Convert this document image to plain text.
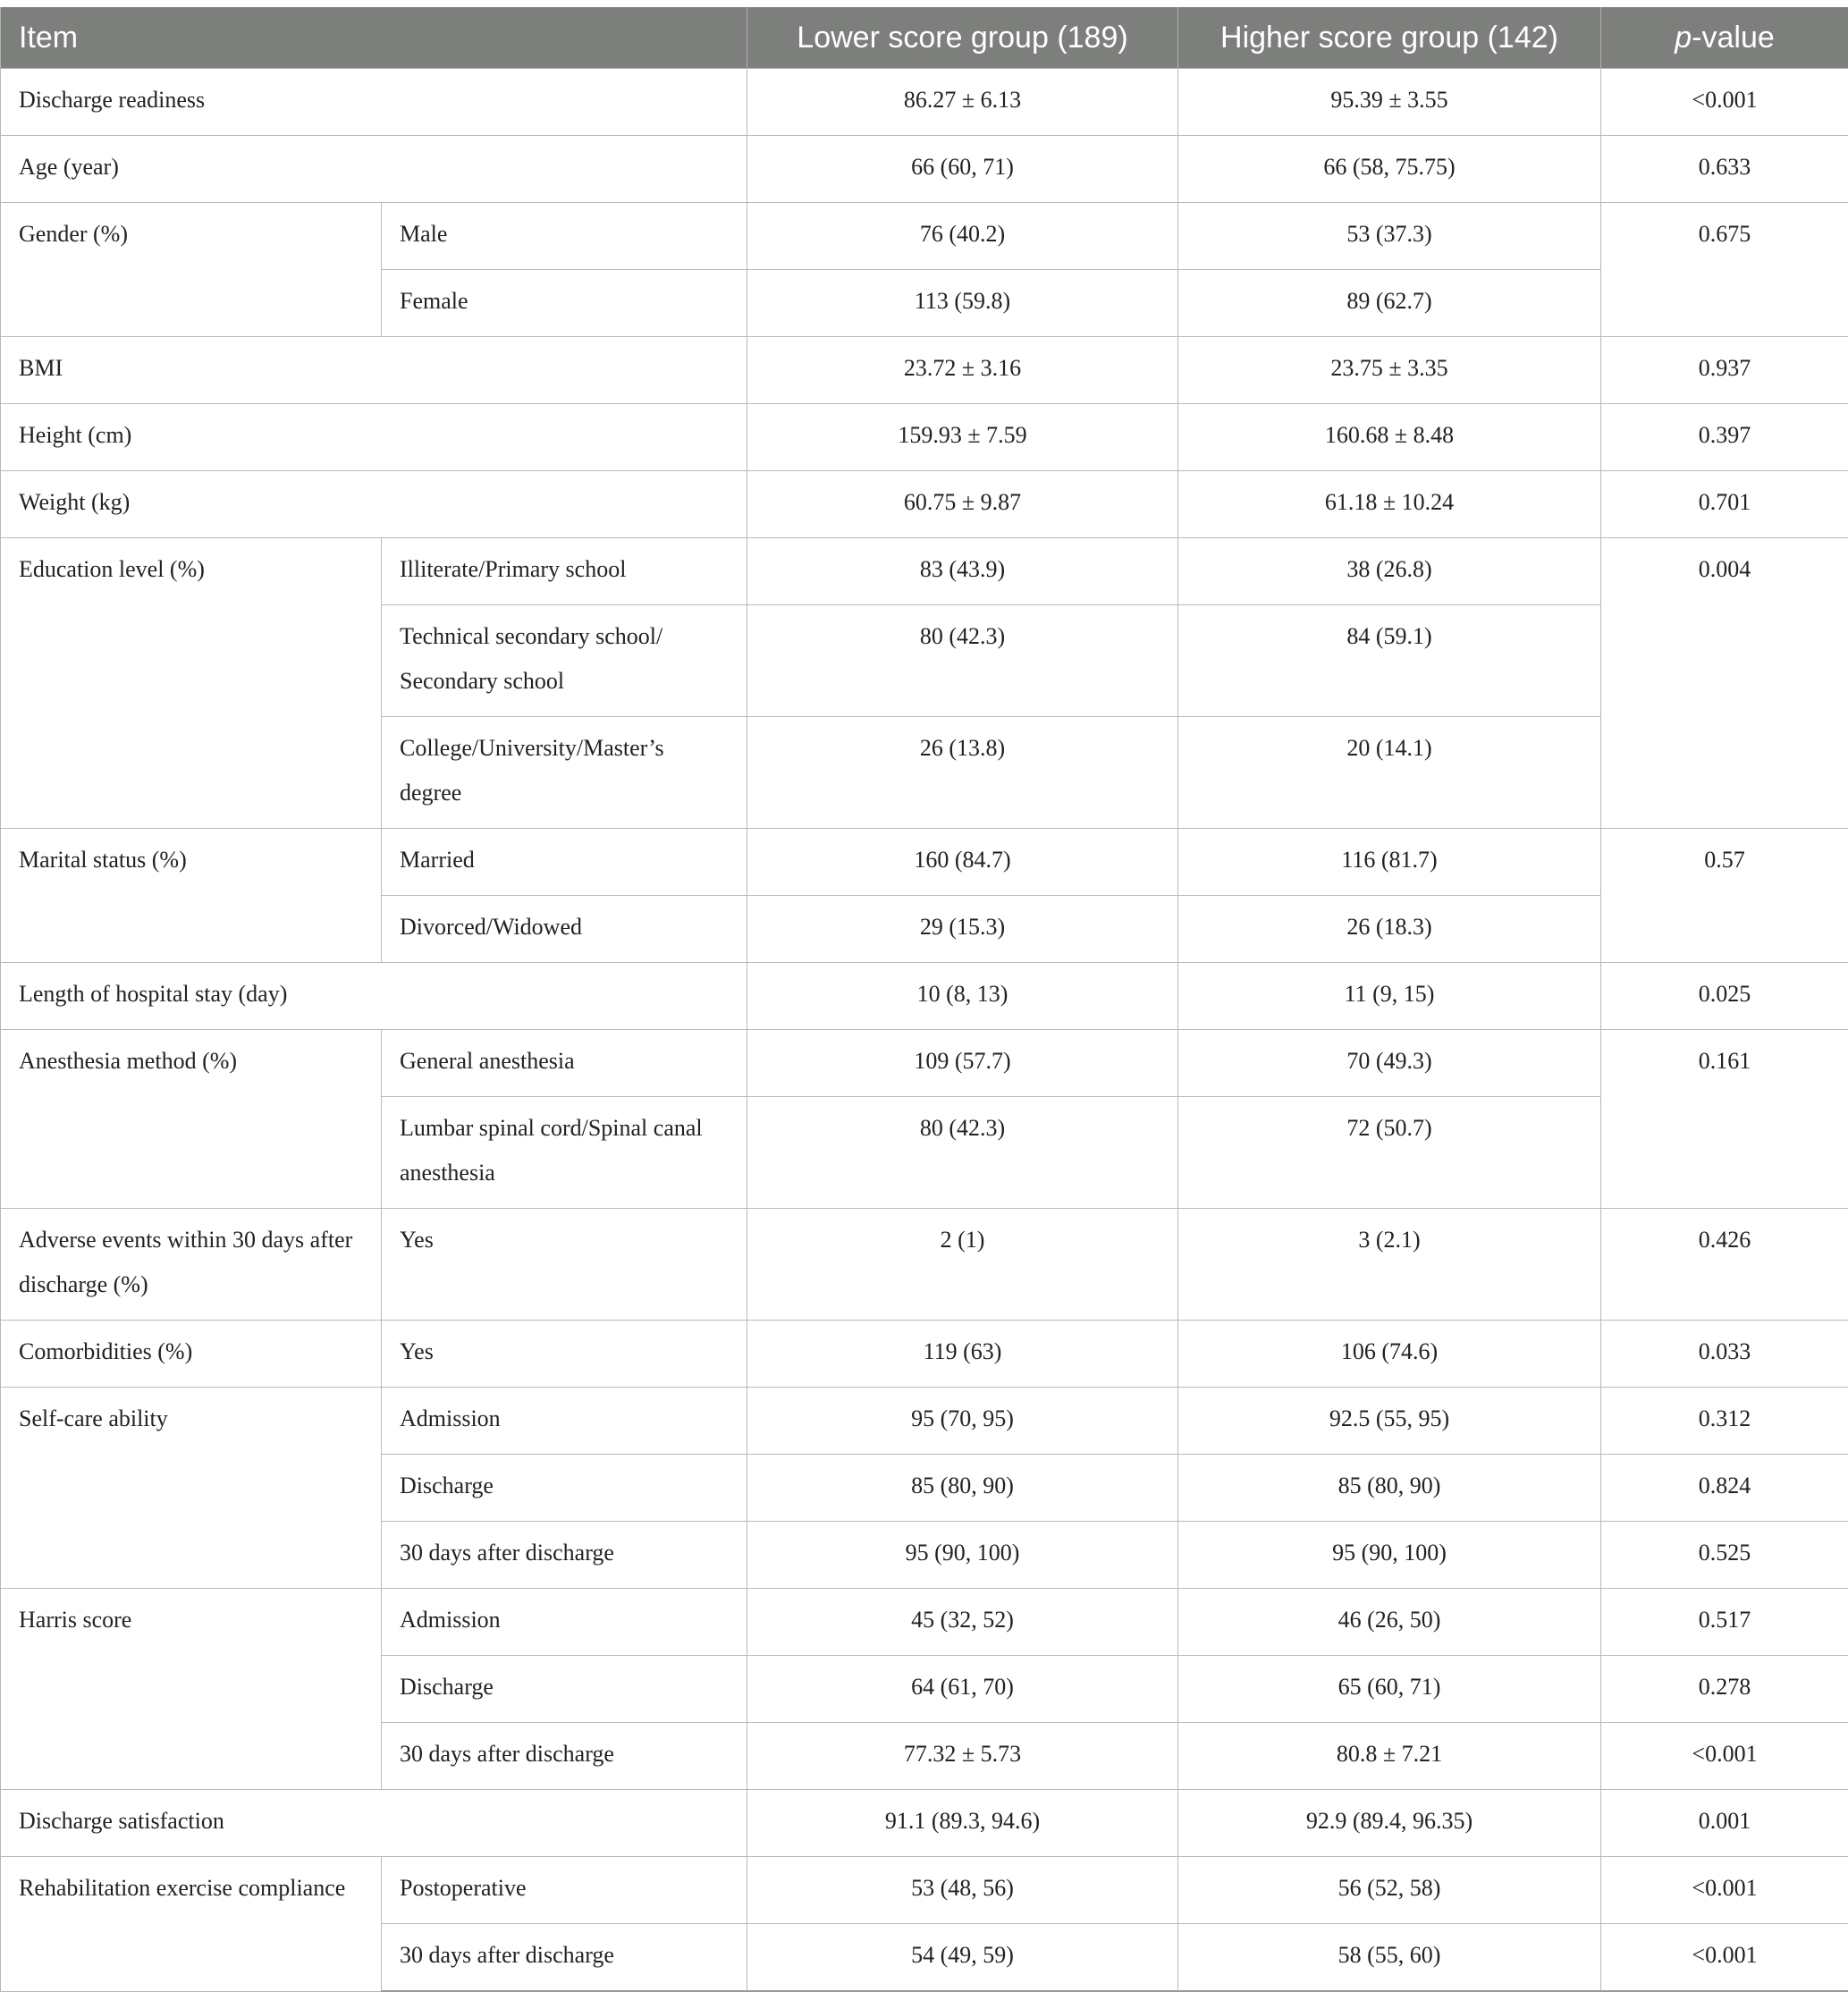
Item		Lower score group (189)	Higher score group (142)	p-value
Discharge readiness		86.27 ± 6.13	95.39 ± 3.55	<0.001
Age (year)		66 (60, 71)	66 (58, 75.75)	0.633
Gender (%)	Male	76 (40.2)	53 (37.3)	0.675
	Female	113 (59.8)	89 (62.7)	
BMI		23.72 ± 3.16	23.75 ± 3.35	0.937
Height (cm)		159.93 ± 7.59	160.68 ± 8.48	0.397
Weight (kg)		60.75 ± 9.87	61.18 ± 10.24	0.701
Education level (%)	Illiterate/Primary school	83 (43.9)	38 (26.8)	0.004
	Technical secondary school/ Secondary school	80 (42.3)	84 (59.1)	
	College/University/Master’s degree	26 (13.8)	20 (14.1)	
Marital status (%)	Married	160 (84.7)	116 (81.7)	0.57
	Divorced/Widowed	29 (15.3)	26 (18.3)	
Length of hospital stay (day)		10 (8, 13)	11 (9, 15)	0.025
Anesthesia method (%)	General anesthesia	109 (57.7)	70 (49.3)	0.161
	Lumbar spinal cord/Spinal canal anesthesia	80 (42.3)	72 (50.7)	
Adverse events within 30 days after discharge (%)	Yes	2 (1)	3 (2.1)	0.426
Comorbidities (%)	Yes	119 (63)	106 (74.6)	0.033
Self-care ability	Admission	95 (70, 95)	92.5 (55, 95)	0.312
	Discharge	85 (80, 90)	85 (80, 90)	0.824
	30 days after discharge	95 (90, 100)	95 (90, 100)	0.525
Harris score	Admission	45 (32, 52)	46 (26, 50)	0.517
	Discharge	64 (61, 70)	65 (60, 71)	0.278
	30 days after discharge	77.32 ± 5.73	80.8 ± 7.21	<0.001
Discharge satisfaction		91.1 (89.3, 94.6)	92.9 (89.4, 96.35)	0.001
Rehabilitation exercise compliance	Postoperative	53 (48, 56)	56 (52, 58)	<0.001
	30 days after discharge	54 (49, 59)	58 (55, 60)	<0.001
